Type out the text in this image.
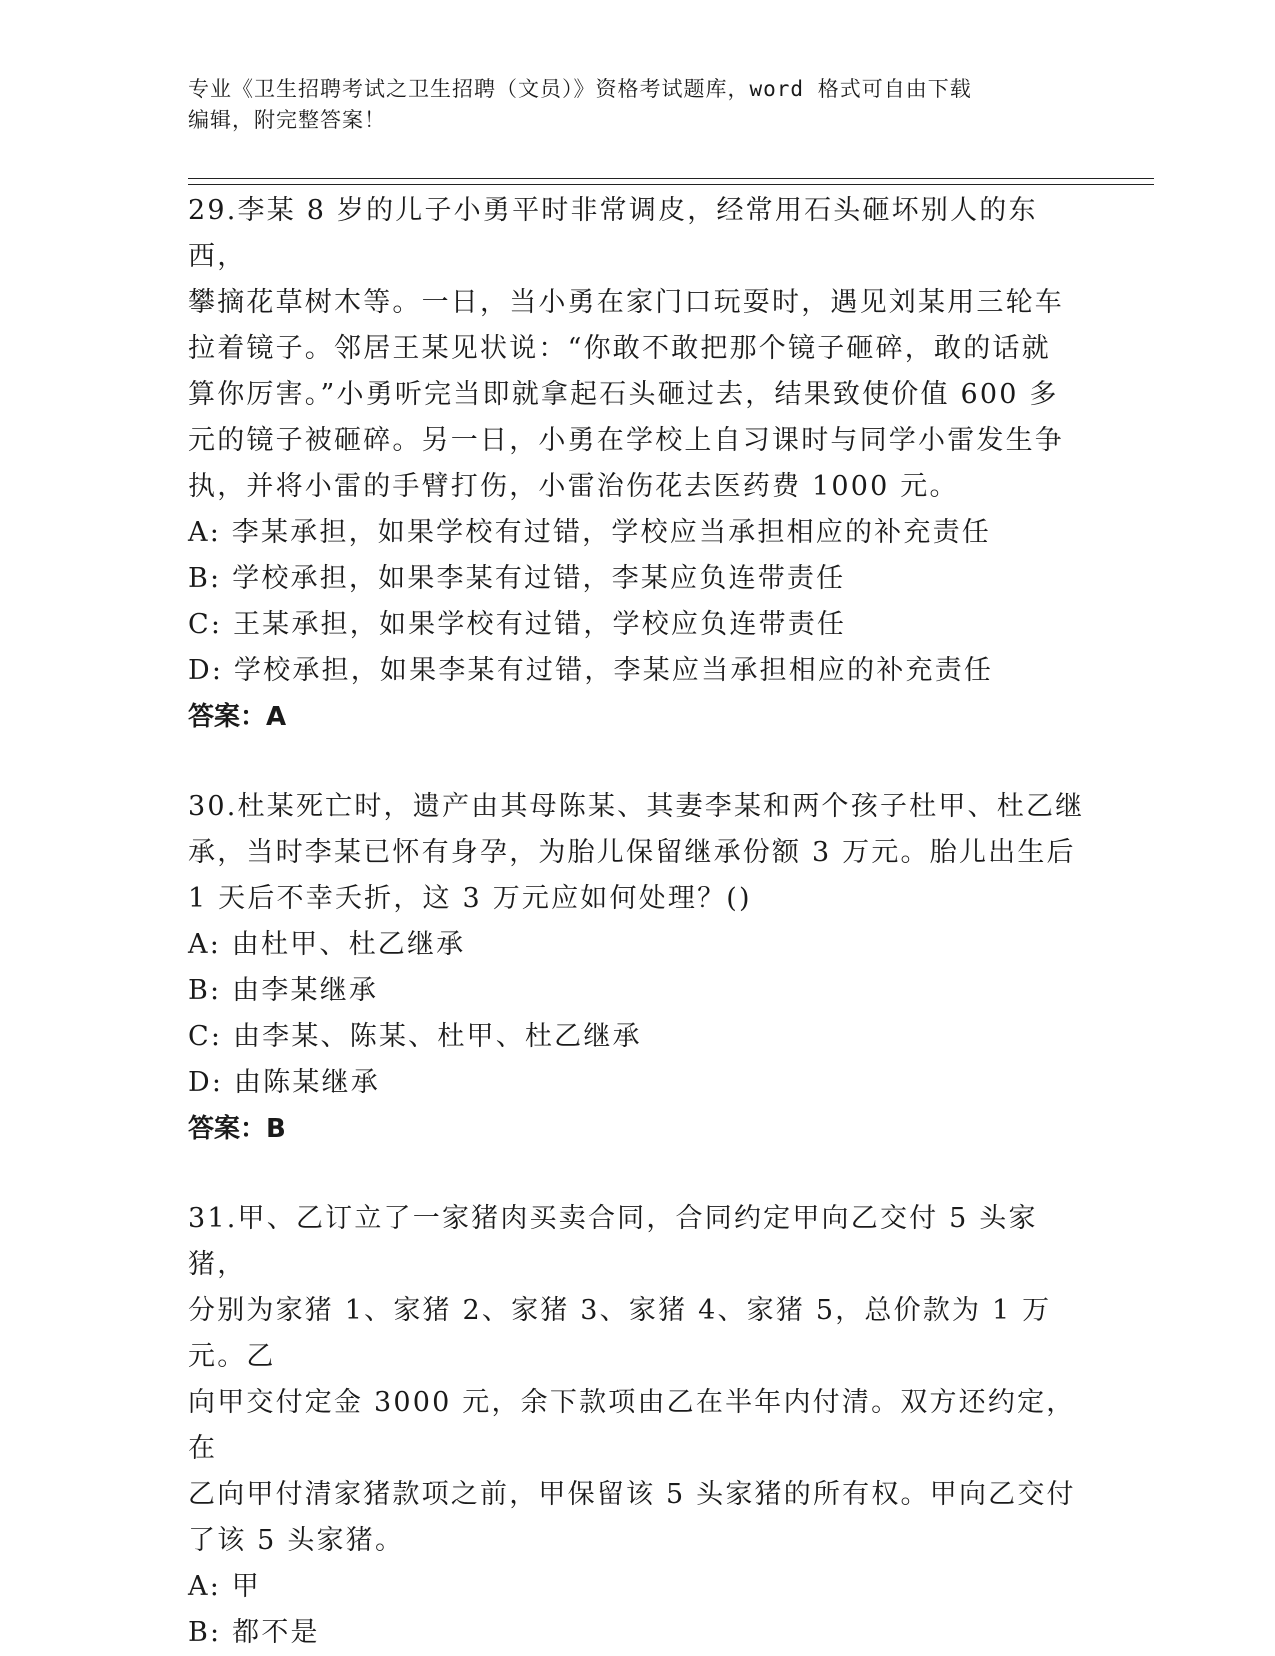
专业《卫生招聘考试之卫生招聘（文员）》资格考试题库，word 格式可自由下载
编辑，附完整答案！
29.李某 8 岁的儿子小勇平时非常调皮，经常用石头砸坏别人的东西，
攀摘花草树木等。一日，当小勇在家门口玩耍时，遇见刘某用三轮车
拉着镜子。邻居王某见状说：“你敢不敢把那个镜子砸碎，敢的话就
算你厉害。”小勇听完当即就拿起石头砸过去，结果致使价值 600 多
元的镜子被砸碎。另一日，小勇在学校上自习课时与同学小雷发生争
执，并将小雷的手臂打伤，小雷治伤花去医药费 1000 元。
A: 李某承担，如果学校有过错，学校应当承担相应的补充责任
B: 学校承担，如果李某有过错，李某应负连带责任
C: 王某承担，如果学校有过错，学校应负连带责任
D: 学校承担，如果李某有过错，李某应当承担相应的补充责任
答案：A
30.杜某死亡时，遗产由其母陈某、其妻李某和两个孩子杜甲、杜乙继
承，当时李某已怀有身孕，为胎儿保留继承份额 3 万元。胎儿出生后
1 天后不幸夭折，这 3 万元应如何处理？()
A: 由杜甲、杜乙继承
B: 由李某继承
C: 由李某、陈某、杜甲、杜乙继承
D: 由陈某继承
答案：B
31.甲、乙订立了一家猪肉买卖合同，合同约定甲向乙交付 5 头家猪，
分别为家猪 1、家猪 2、家猪 3、家猪 4、家猪 5，总价款为 1 万元。乙
向甲交付定金 3000 元，余下款项由乙在半年内付清。双方还约定，在
乙向甲付清家猪款项之前，甲保留该 5 头家猪的所有权。甲向乙交付
了该 5 头家猪。
A: 甲
B: 都不是
